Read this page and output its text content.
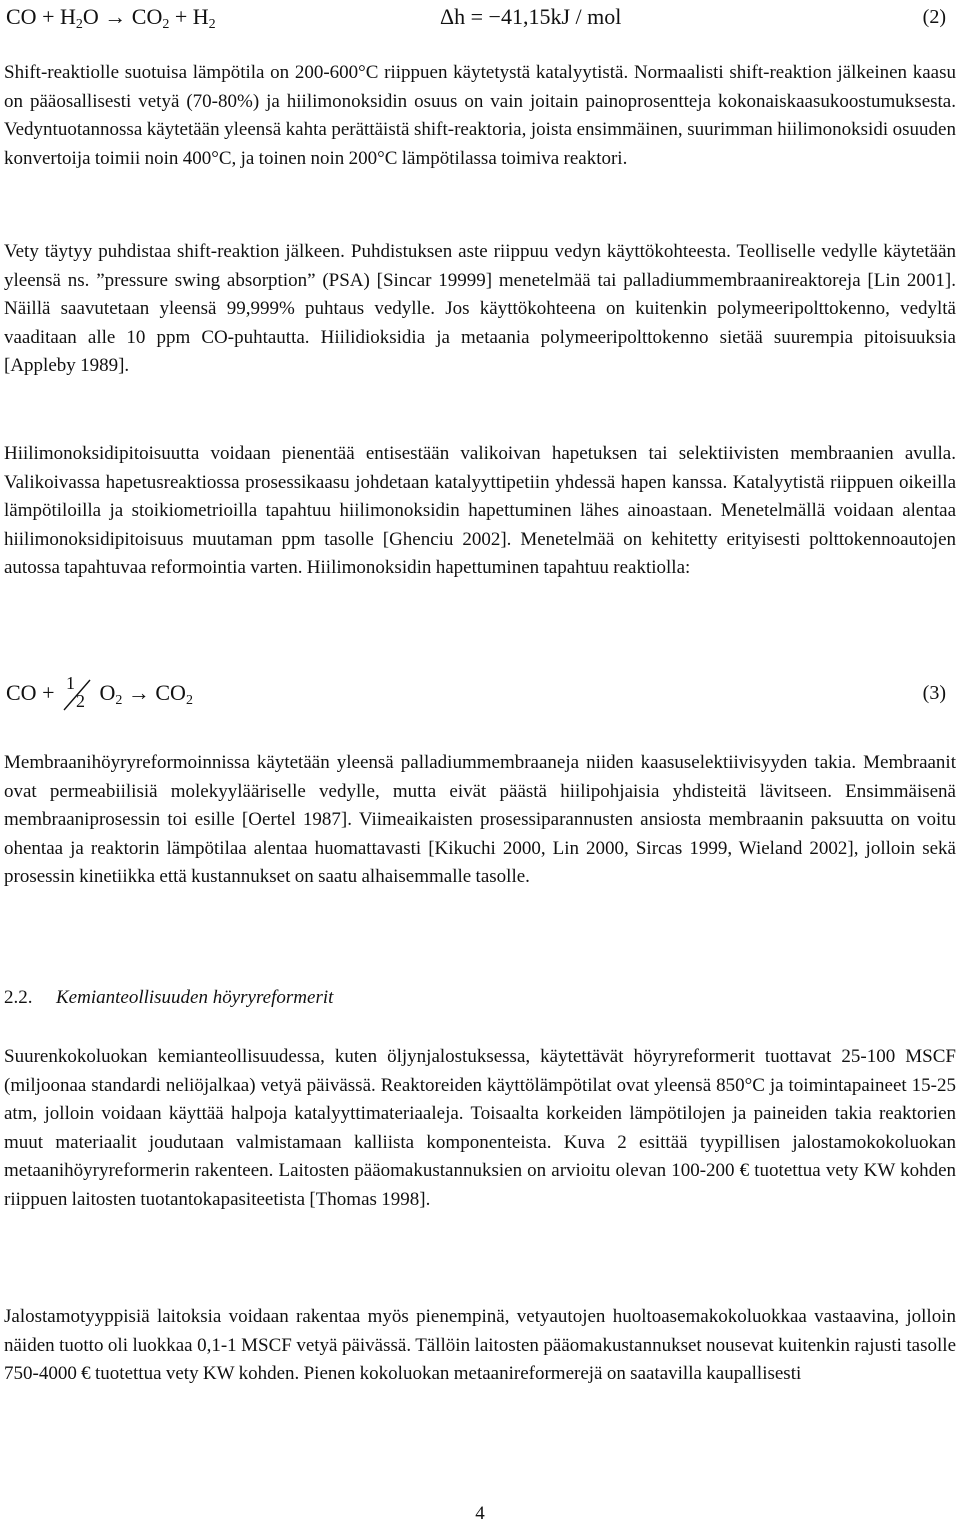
CO + $H_2O \to CO_2 + H_2$	Δh = −41,15kJ / mol	(2)

Shift-reaktiolle suotuisa lämpötila on 200-600°C riippuen käytetystä katalyytistä. Normaalisti shift-reaktion jälkeinen kaasu on pääosallisesti vetyä (70-80%) ja hiilimonoksidin osuus on vain joitain painoprosentteja kokonaiskaasukoostumuksesta. Vedyntuotannossa käytetään yleensä kahta perättäistä shift-reaktoria, joista ensimmäinen, suurimman hiilimonoksidi osuuden konvertoija toimii noin 400°C, ja toinen noin 200°C lämpötilassa toimiva reaktori.

Vety täytyy puhdistaa shift-reaktion jälkeen. Puhdistuksen aste riippuu vedyn käyttökohteesta. Teolliselle vedylle käytetään yleensä ns. ”pressure swing absorption” (PSA) [Sincar 19999] menetelmää tai palladiummembraanireaktoreja [Lin 2001]. Näillä saavutetaan yleensä 99,999% puhtaus vedylle. Jos käyttökohteena on kuitenkin polymeeripolttokenno, vedyltä vaaditaan alle 10 ppm CO-puhtautta. Hiilidioksidia ja metaania polymeeripolttokenno sietää suurempia pitoisuuksia [Appleby 1989].

Hiilimonoksidipitoisuutta voidaan pienentää entisestään valikoivan hapetuksen tai selektiivisten membraanien avulla. Valikoivassa hapetusreaktiossa prosessikaasu johdetaan katalyyttipetiin yhdessä hapen kanssa. Katalyytistä riippuen oikeilla lämpötiloilla ja stoikiometrioilla tapahtuu hiilimonoksidin hapettuminen lähes ainoastaan. Menetelmällä voidaan alentaa hiilimonoksidipitoisuus muutaman ppm tasolle [Ghenciu 2002]. Menetelmää on kehitetty erityisesti polttokennoautojen autossa tapahtuvaa reformointia varten. Hiilimonoksidin hapettuminen tapahtuu reaktiolla:

CO + 1
2 $O_2 \to CO_2$	(3)

Membraanihöyryreformoinnissa käytetään yleensä palladiummembraaneja niiden kaasuselektiivisyyden takia. Membraanit ovat permeabiilisiä molekyylääriselle vedylle, mutta eivät päästä hiilipohjaisia yhdisteitä lävitseen. Ensimmäisenä membraaniprosessin toi esille [Oertel 1987]. Viimeaikaisten prosessiparannusten ansiosta membraanin paksuutta on voitu ohentaa ja reaktorin lämpötilaa alentaa huomattavasti [Kikuchi 2000, Lin 2000, Sircas 1999, Wieland 2002], jolloin sekä prosessin kinetiikka että kustannukset on saatu alhaisemmalle tasolle.

2.2. Kemianteollisuuden höyryreformerit

Suurenkokoluokan kemianteollisuudessa, kuten öljynjalostuksessa, käytettävät höyryreformerit tuottavat 25-100 MSCF (miljoonaa standardi neliöjalkaa) vetyä päivässä. Reaktoreiden käyttölämpötilat ovat yleensä 850°C ja toimintapaineet 15-25 atm, jolloin voidaan käyttää halpoja katalyyttimateriaaleja. Toisaalta korkeiden lämpötilojen ja paineiden takia reaktorien muut materiaalit joudutaan valmistamaan kalliista komponenteista. Kuva 2 esittää tyypillisen jalostamokokoluokan metaanihöyryreformerin rakenteen. Laitosten pääomakustannuksien on arvioitu olevan 100-200 € tuotettua vety KW kohden riippuen laitosten tuotantokapasiteetista [Thomas 1998].

Jalostamotyyppisiä laitoksia voidaan rakentaa myös pienempinä, vetyautojen huoltoasemakokoluokkaa vastaavina, jolloin näiden tuotto oli luokkaa 0,1-1 MSCF vetyä päivässä. Tällöin laitosten pääomakustannukset nousevat kuitenkin rajusti tasolle 750-4000 € tuotettua vety KW kohden. Pienen kokoluokan metaanireformerejä on saatavilla kaupallisesti

4
